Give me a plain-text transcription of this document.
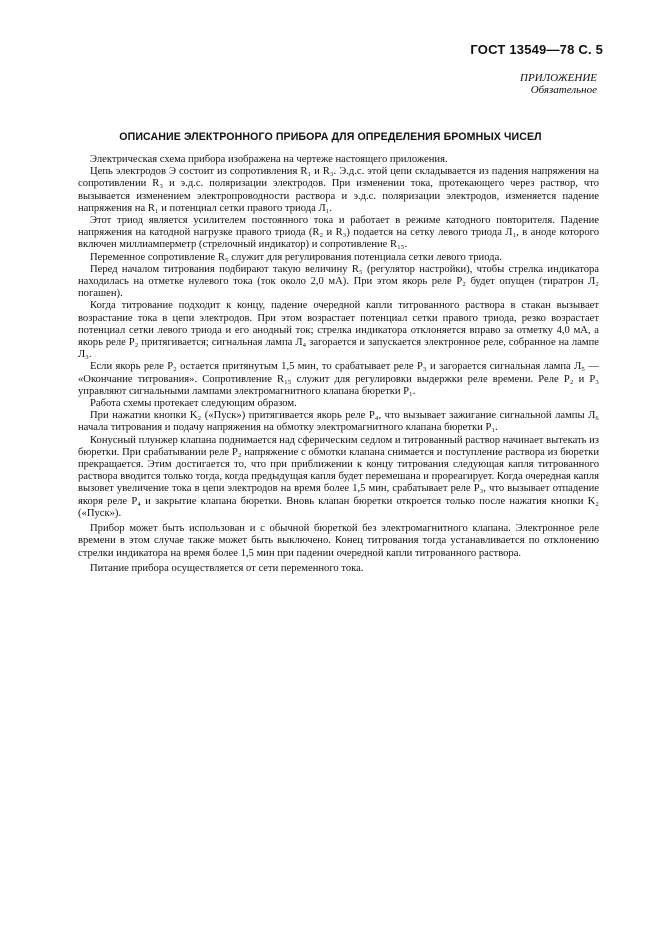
ГОСТ 13549—78 С. 5
ПРИЛОЖЕНИЕ
Обязательное
ОПИСАНИЕ ЭЛЕКТРОННОГО ПРИБОРА ДЛЯ ОПРЕДЕЛЕНИЯ БРОМНЫХ ЧИСЕЛ

Электрическая схема прибора изображена на чертеже настоящего приложения.

Цепь электродов Э состоит из сопротивления R₁ и R₃. Э.д.с. этой цепи складывается из падения напряжения на сопротивлении R₃ и э.д.с. поляризации электродов. При изменении тока, протекающего через раствор, что вызывается изменением электропроводности раствора и э.д.с. поляризации электродов, изменяется падение напряжения на R₁ и потенциал сетки правого триода Л₁.

Этот триод является усилителем постоянного тока и работает в режиме катодного повторителя. Падение напряжения на катодной нагрузке правого триода (R₂ и R₃) подается на сетку левого триода Л₁, в аноде которого включен миллиамперметр (стрелочный индикатор) и сопротивление R₁₅.

Переменное сопротивление R₅ служит для регулирования потенциала сетки левого триода.

Перед началом титрования подбирают такую величину R₅ (регулятор настройки), чтобы стрелка индикатора находилась на отметке нулевого тока (ток около 2,0 мА). При этом якорь реле P₂ будет опущен (тиратрон Л₂ погашен).

Когда титрование подходит к концу, падение очередной капли титрованного раствора в стакан вызывает возрастание тока в цепи электродов. При этом возрастает потенциал сетки правого триода, резко возрастает потенциал сетки левого триода и его анодный ток; стрелка индикатора отклоняется вправо за отметку 4,0 мА, а якорь реле P₂ притягивается; сигнальная лампа Л₄ загорается и запускается электронное реле, собранное на лампе Л₃.

Если якорь реле P₂ остается притянутым 1,5 мин, то срабатывает реле P₃ и загорается сигнальная лампа Л₅ — «Окончание титрования». Сопротивление R₁₅ служит для регулировки выдержки реле времени. Реле P₂ и P₃ управляют сигнальными лампами электромагнитного клапана бюретки P₁.

Работа схемы протекает следующим образом.

При нажатии кнопки K₂ («Пуск») притягивается якорь реле P₄, что вызывает зажигание сигнальной лампы Л₆ начала титрования и подачу напряжения на обмотку электромагнитного клапана бюретки P₁.

Конусный плунжер клапана поднимается над сферическим седлом и титрованный раствор начинает вытекать из бюретки. При срабатывании реле P₂ напряжение с обмотки клапана снимается и поступление раствора из бюретки прекращается. Этим достигается то, что при приближении к концу титрования следующая капля титрованного раствора вводится только тогда, когда предыдущая капля будет перемешана и прореагирует. Когда очередная капля вызовет увеличение тока в цепи электродов на время более 1,5 мин, срабатывает реле P₃, что вызывает отпадение якоря реле P₄ и закрытие клапана бюретки. Вновь клапан бюретки откроется только после нажатия кнопки K₂ («Пуск»).

Прибор может быть использован и с обычной бюреткой без электромагнитного клапана. Электронное реле времени в этом случае также может быть выключено. Конец титрования тогда устанавливается по отклонению стрелки индикатора на время более 1,5 мин при падении очередной капли титрованного раствора.

Питание прибора осуществляется от сети переменного тока.
